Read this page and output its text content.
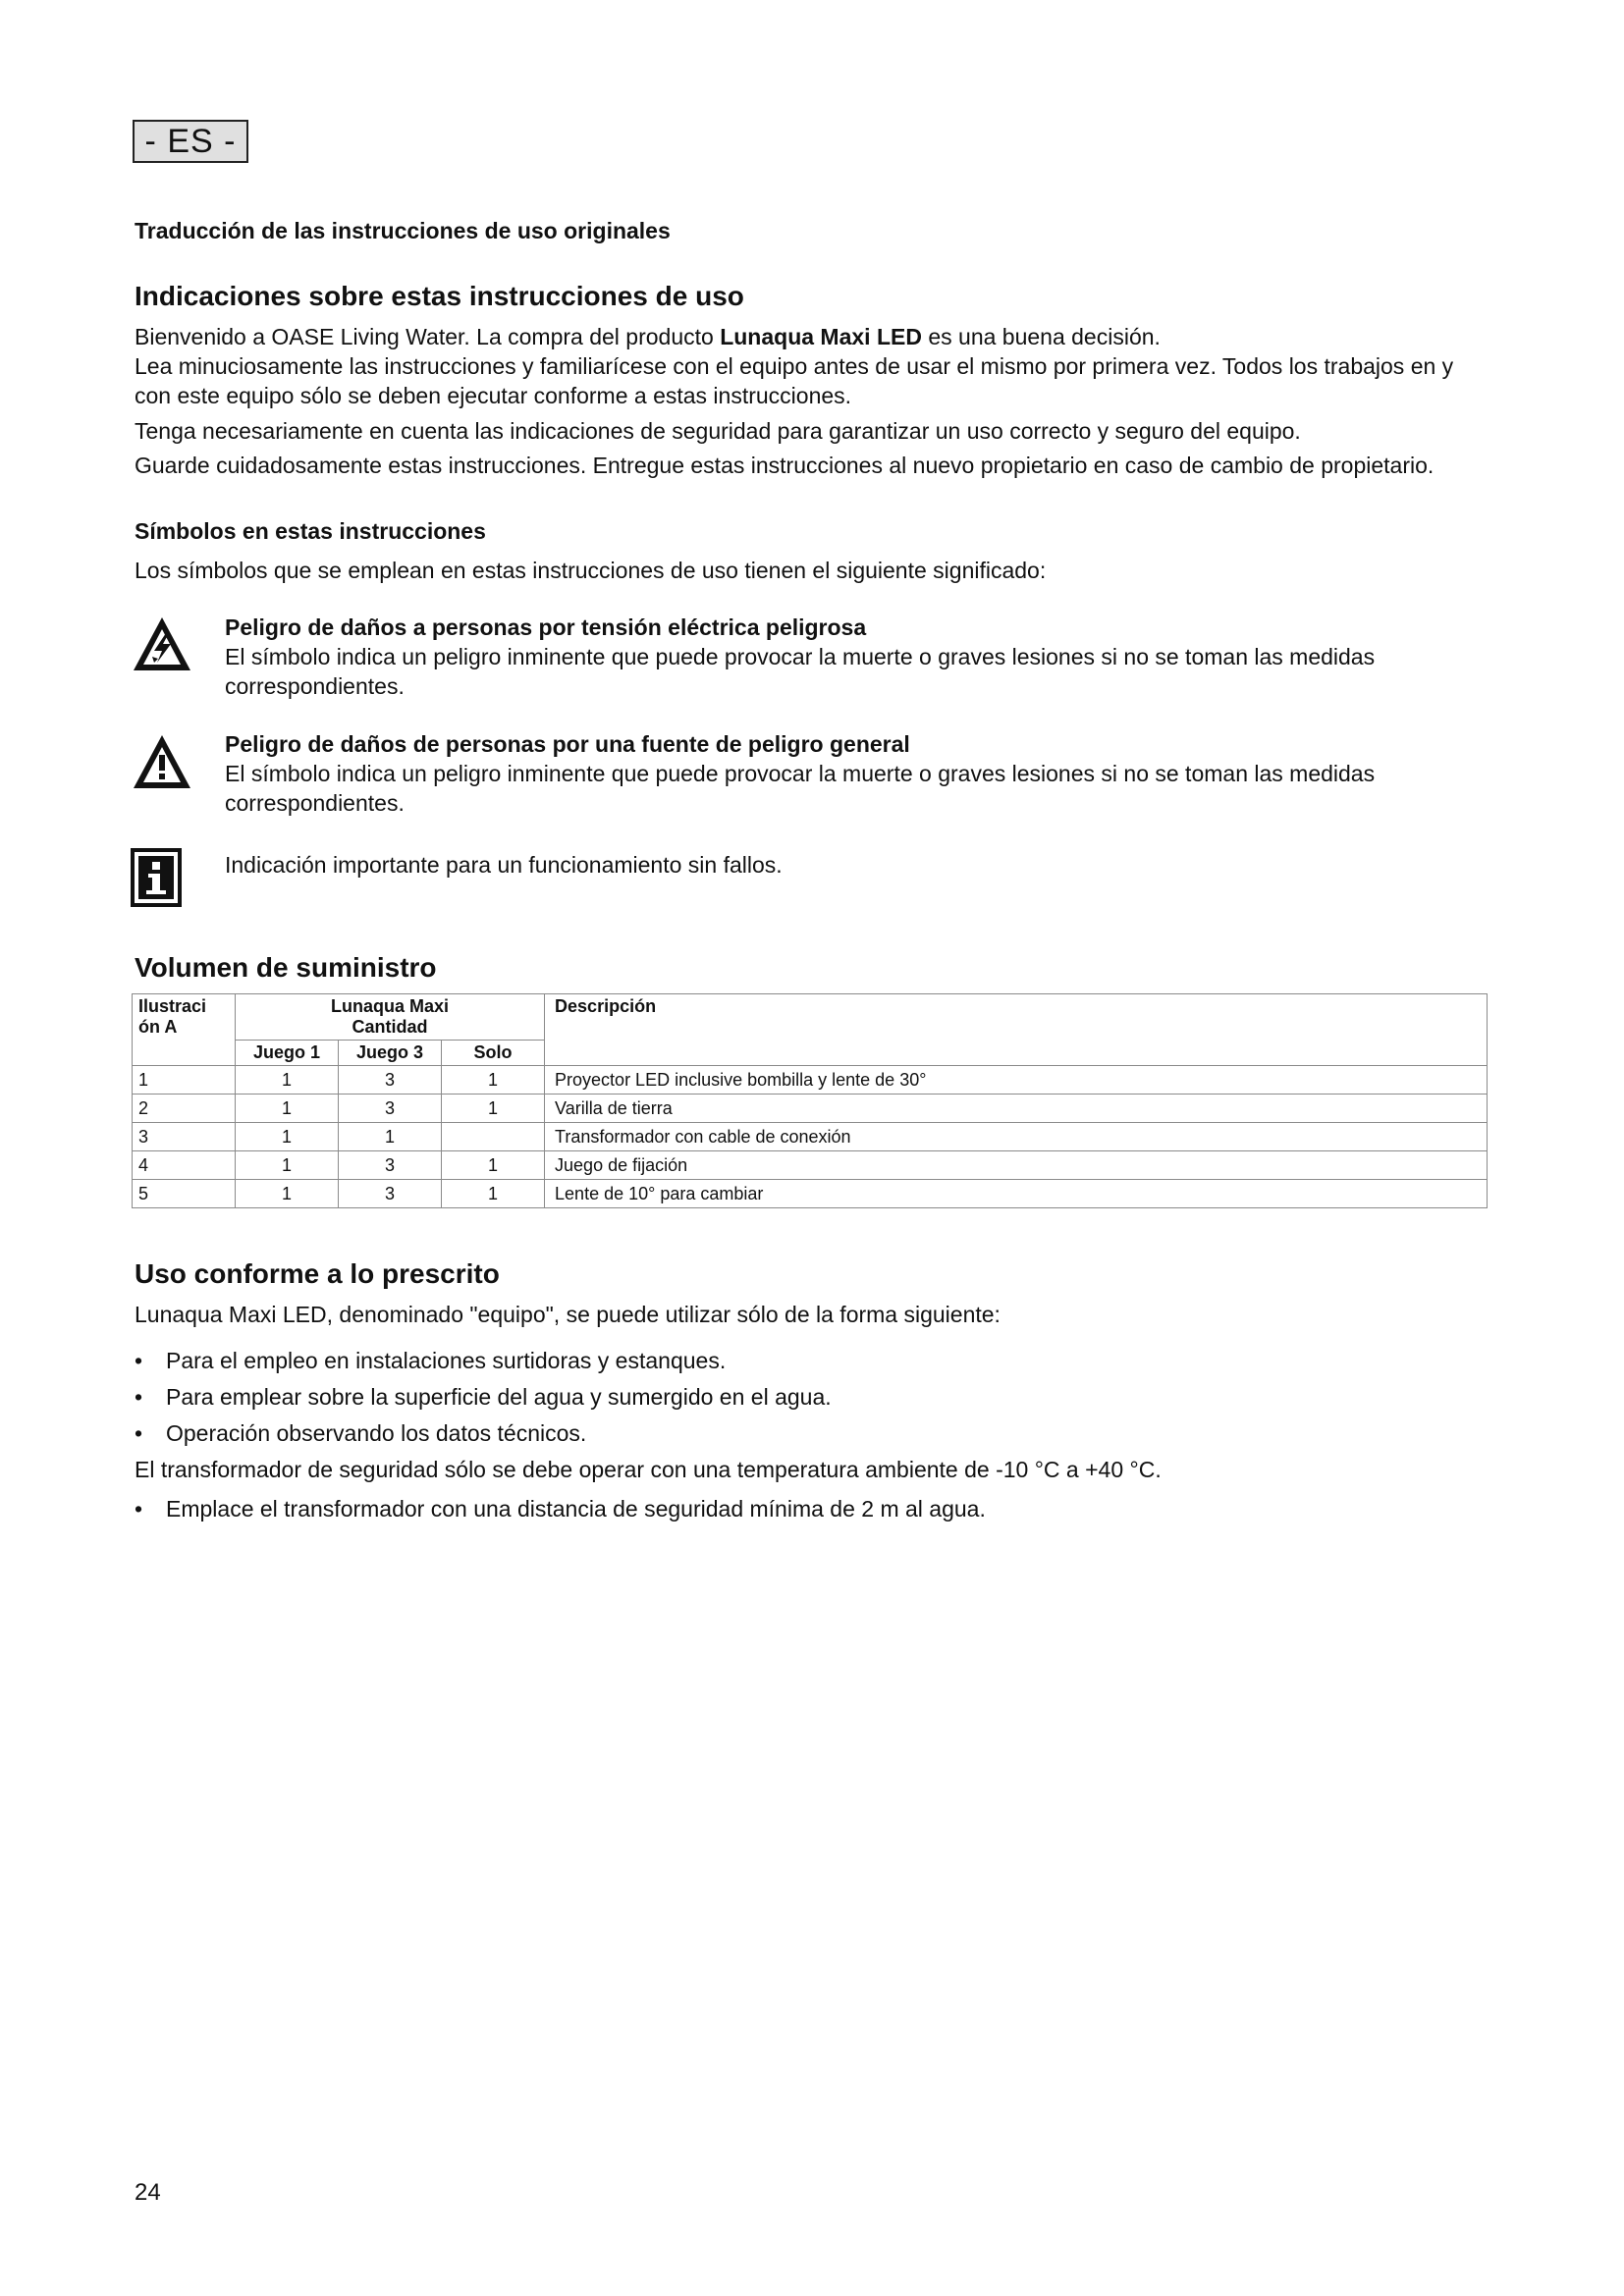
- ES -
Traducción de las instrucciones de uso originales
Indicaciones sobre estas instrucciones de uso
Bienvenido a OASE Living Water. La compra del producto Lunaqua Maxi LED es una buena decisión.
Lea minuciosamente las instrucciones y familiarícese con el equipo antes de usar el mismo por primera vez. Todos los trabajos en y con este equipo sólo se deben ejecutar conforme a estas instrucciones.
Tenga necesariamente en cuenta las indicaciones de seguridad para garantizar un uso correcto y seguro del equipo.
Guarde cuidadosamente estas instrucciones. Entregue estas instrucciones al nuevo propietario en caso de cambio de propietario.
Símbolos en estas instrucciones
Los símbolos que se emplean en estas instrucciones de uso tienen el siguiente significado:
Peligro de daños a personas por tensión eléctrica peligrosa
El símbolo indica un peligro inminente que puede provocar la muerte o graves lesiones si no se toman las medidas correspondientes.
Peligro de daños de personas por una fuente de peligro general
El símbolo indica un peligro inminente que puede provocar la muerte o graves lesiones si no se toman las medidas correspondientes.
Indicación importante para un funcionamiento sin fallos.
Volumen de suministro
Ilustraci ón A	Lunaqua Maxi
Cantidad			Descripción
	Juego 1	Juego 3	Solo	
1	1	3	1	Proyector LED inclusive bombilla y lente de 30°
2	1	3	1	Varilla de tierra
3	1	1		Transformador con cable de conexión
4	1	3	1	Juego de fijación
5	1	3	1	Lente de 10° para cambiar
Uso conforme a lo prescrito
Lunaqua Maxi LED, denominado "equipo", se puede utilizar sólo de la forma siguiente:
• Para el empleo en instalaciones surtidoras y estanques.
• Para emplear sobre la superficie del agua y sumergido en el agua.
• Operación observando los datos técnicos.
El transformador de seguridad sólo se debe operar con una temperatura ambiente de -10 °C a +40 °C.
• Emplace el transformador con una distancia de seguridad mínima de 2 m al agua.
24
